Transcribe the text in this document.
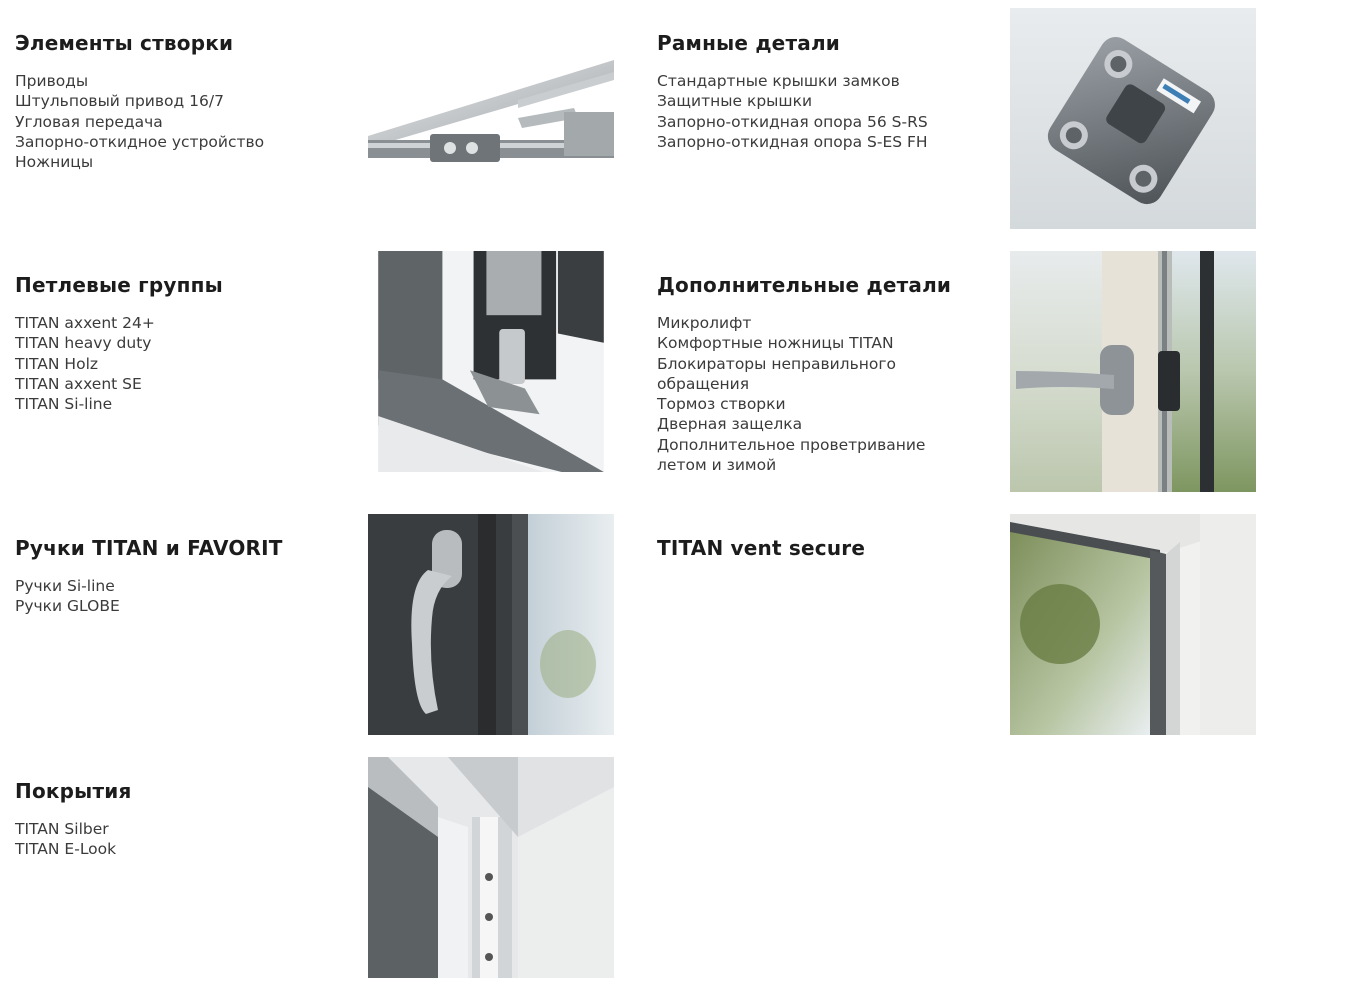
Элементы створки
Приводы
Штульповый привод 16/7
Угловая передача
Запорно-откидное устройство
Ножницы
Рамные детали
Стандартные крышки замков
Защитные крышки
Запорно-откидная опора 56 S-RS
Запорно-откидная опора S-ES FH
Петлевые группы
TITAN axxent 24+
TITAN heavy duty
TITAN Holz
TITAN axxent SE
TITAN Si-line
Дополнительные детали
Микролифт
Комфортные ножницы TITAN
Блокираторы неправильного
обращения
Тормоз створки
Дверная защелка
Дополнительное проветривание
летом и зимой
Ручки TITAN и FAVORIT
Ручки Si-line
Ручки GLOBE
TITAN vent secure
Покрытия
TITAN Silber
TITAN E-Look
